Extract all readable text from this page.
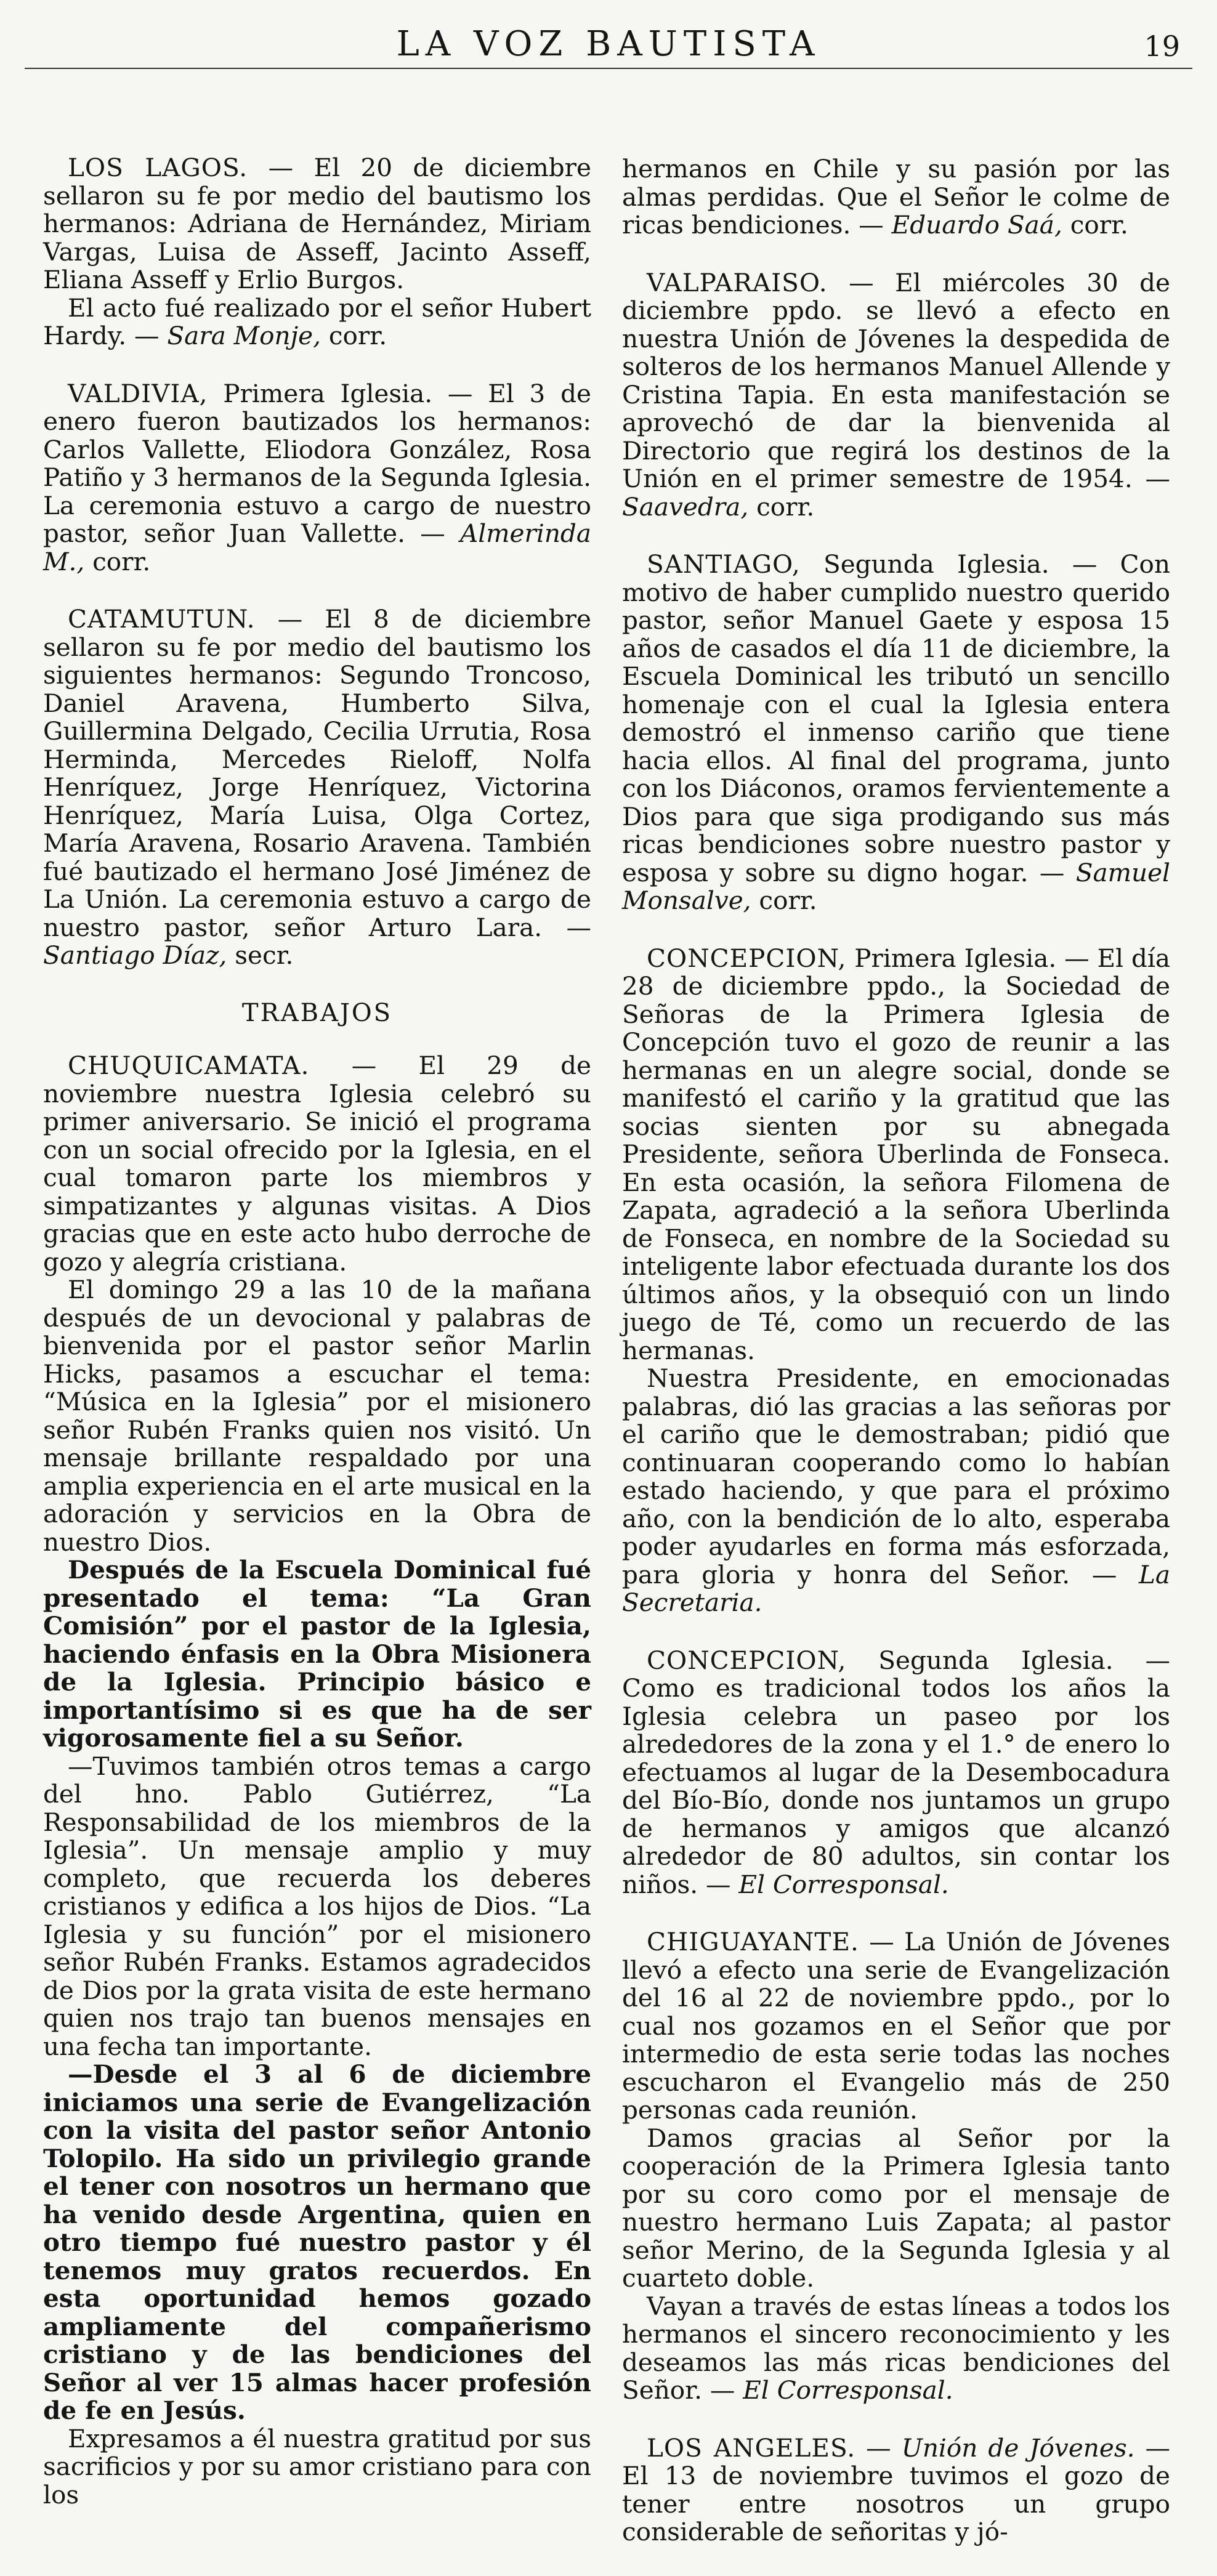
LA VOZ BAUTISTA	19

LOS LAGOS. — El 20 de diciembre sellaron su fe por medio del bautismo los hermanos: Adriana de Hernández, Miriam Vargas, Luisa de Asseff, Jacinto Asseff, Eliana Asseff y Erlio Burgos.

El acto fué realizado por el señor Hubert Hardy. — Sara Monje, corr.

VALDIVIA, Primera Iglesia. — El 3 de enero fueron bautizados los hermanos: Carlos Vallette, Eliodora González, Rosa Patiño y 3 hermanos de la Segunda Iglesia. La ceremonia estuvo a cargo de nuestro pastor, señor Juan Vallette. — Almerinda M., corr.

CATAMUTUN. — El 8 de diciembre sellaron su fe por medio del bautismo los siguientes hermanos: Segundo Troncoso, Daniel Aravena, Humberto Silva, Guillermina Delgado, Cecilia Urrutia, Rosa Herminda, Mercedes Rieloff, Nolfa Henríquez, Jorge Henríquez, Victorina Henríquez, María Luisa, Olga Cortez, María Aravena, Rosario Aravena. También fué bautizado el hermano José Jiménez de La Unión. La ceremonia estuvo a cargo de nuestro pastor, señor Arturo Lara. — Santiago Díaz, secr.

TRABAJOS

CHUQUICAMATA. — El 29 de noviembre nuestra Iglesia celebró su primer aniversario. Se inició el programa con un social ofrecido por la Iglesia, en el cual tomaron parte los miembros y simpatizantes y algunas visitas. A Dios gracias que en este acto hubo derroche de gozo y alegría cristiana.

El domingo 29 a las 10 de la mañana después de un devocional y palabras de bienvenida por el pastor señor Marlin Hicks, pasamos a escuchar el tema: “Música en la Iglesia” por el misionero señor Rubén Franks quien nos visitó. Un mensaje brillante respaldado por una amplia experiencia en el arte musical en la adoración y servicios en la Obra de nuestro Dios.

Después de la Escuela Dominical fué presentado el tema: “La Gran Comisión” por el pastor de la Iglesia, haciendo énfasis en la Obra Misionera de la Iglesia. Principio básico e importantísimo si es que ha de ser vigorosamente fiel a su Señor.

—Tuvimos también otros temas a cargo del hno. Pablo Gutiérrez, “La Responsabilidad de los miembros de la Iglesia”. Un mensaje amplio y muy completo, que recuerda los deberes cristianos y edifica a los hijos de Dios. “La Iglesia y su función” por el misionero señor Rubén Franks. Estamos agradecidos de Dios por la grata visita de este hermano quien nos trajo tan buenos mensajes en una fecha tan importante.

—Desde el 3 al 6 de diciembre iniciamos una serie de Evangelización con la visita del pastor señor Antonio Tolopilo. Ha sido un privilegio grande el tener con nosotros un hermano que ha venido desde Argentina, quien en otro tiempo fué nuestro pastor y él tenemos muy gratos recuerdos. En esta oportunidad hemos gozado ampliamente del compañerismo cristiano y de las bendiciones del Señor al ver 15 almas hacer profesión de fe en Jesús.

Expresamos a él nuestra gratitud por sus sacrificios y por su amor cristiano para con los

hermanos en Chile y su pasión por las almas perdidas. Que el Señor le colme de ricas bendiciones. — Eduardo Saá, corr.

VALPARAISO. — El miércoles 30 de diciembre ppdo. se llevó a efecto en nuestra Unión de Jóvenes la despedida de solteros de los hermanos Manuel Allende y Cristina Tapia. En esta manifestación se aprovechó de dar la bienvenida al Directorio que regirá los destinos de la Unión en el primer semestre de 1954. — Saavedra, corr.

SANTIAGO, Segunda Iglesia. — Con motivo de haber cumplido nuestro querido pastor, señor Manuel Gaete y esposa 15 años de casados el día 11 de diciembre, la Escuela Dominical les tributó un sencillo homenaje con el cual la Iglesia entera demostró el inmenso cariño que tiene hacia ellos. Al final del programa, junto con los Diáconos, oramos fervientemente a Dios para que siga prodigando sus más ricas bendiciones sobre nuestro pastor y esposa y sobre su digno hogar. — Samuel Monsalve, corr.

CONCEPCION, Primera Iglesia. — El día 28 de diciembre ppdo., la Sociedad de Señoras de la Primera Iglesia de Concepción tuvo el gozo de reunir a las hermanas en un alegre social, donde se manifestó el cariño y la gratitud que las socias sienten por su abnegada Presidente, señora Uberlinda de Fonseca. En esta ocasión, la señora Filomena de Zapata, agradeció a la señora Uberlinda de Fonseca, en nombre de la Sociedad su inteligente labor efectuada durante los dos últimos años, y la obsequió con un lindo juego de Té, como un recuerdo de las hermanas.

Nuestra Presidente, en emocionadas palabras, dió las gracias a las señoras por el cariño que le demostraban; pidió que continuaran cooperando como lo habían estado haciendo, y que para el próximo año, con la bendición de lo alto, esperaba poder ayudarles en forma más esforzada, para gloria y honra del Señor. — La Secretaria.

CONCEPCION, Segunda Iglesia. — Como es tradicional todos los años la Iglesia celebra un paseo por los alrededores de la zona y el 1.° de enero lo efectuamos al lugar de la Desembocadura del Bío-Bío, donde nos juntamos un grupo de hermanos y amigos que alcanzó alrededor de 80 adultos, sin contar los niños. — El Corresponsal.

CHIGUAYANTE. — La Unión de Jóvenes llevó a efecto una serie de Evangelización del 16 al 22 de noviembre ppdo., por lo cual nos gozamos en el Señor que por intermedio de esta serie todas las noches escucharon el Evangelio más de 250 personas cada reunión.

Damos gracias al Señor por la cooperación de la Primera Iglesia tanto por su coro como por el mensaje de nuestro hermano Luis Zapata; al pastor señor Merino, de la Segunda Iglesia y al cuarteto doble.

Vayan a través de estas líneas a todos los hermanos el sincero reconocimiento y les deseamos las más ricas bendiciones del Señor. — El Corresponsal.

LOS ANGELES. — Unión de Jóvenes. — El 13 de noviembre tuvimos el gozo de tener entre nosotros un grupo considerable de señoritas y jó-
